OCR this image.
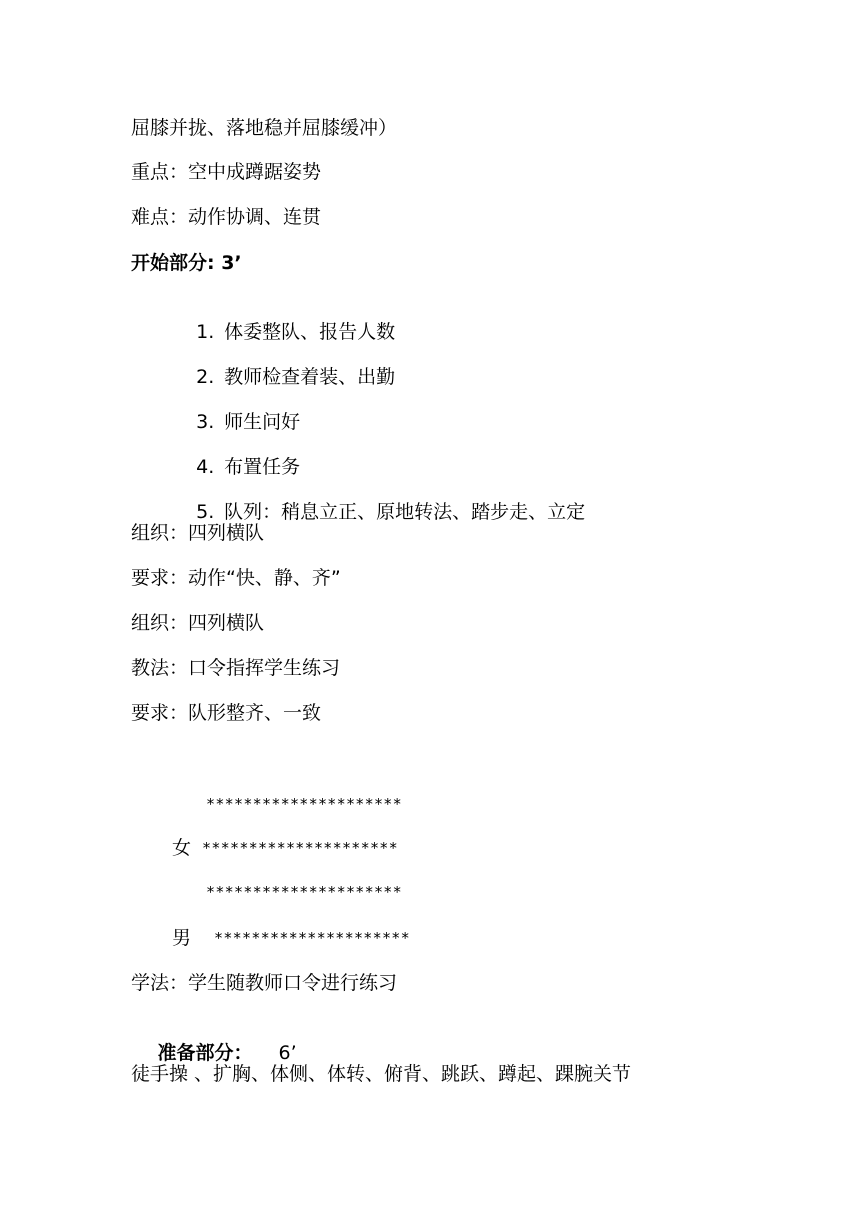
屈膝并拢、落地稳并屈膝缓冲）
重点：空中成蹲踞姿势
难点：动作协调、连贯
开始部分: 3’

1. 体委整队、报告人数

2. 教师检查着装、出勤

3. 师生问好

4. 布置任务

5. 队列：稍息立正、原地转法、踏步走、立定

组织：四列横队
要求：动作“快、静、齐”
组织：四列横队
教法：口令指挥学生练习
要求：队形整齐、一致
*********************
女 *********************
*********************
男 *********************
学法：学生随教师口令进行练习

准备部分： 6’

徒手操 、扩胸、体侧、体转、俯背、跳跃、蹲起、踝腕关节
